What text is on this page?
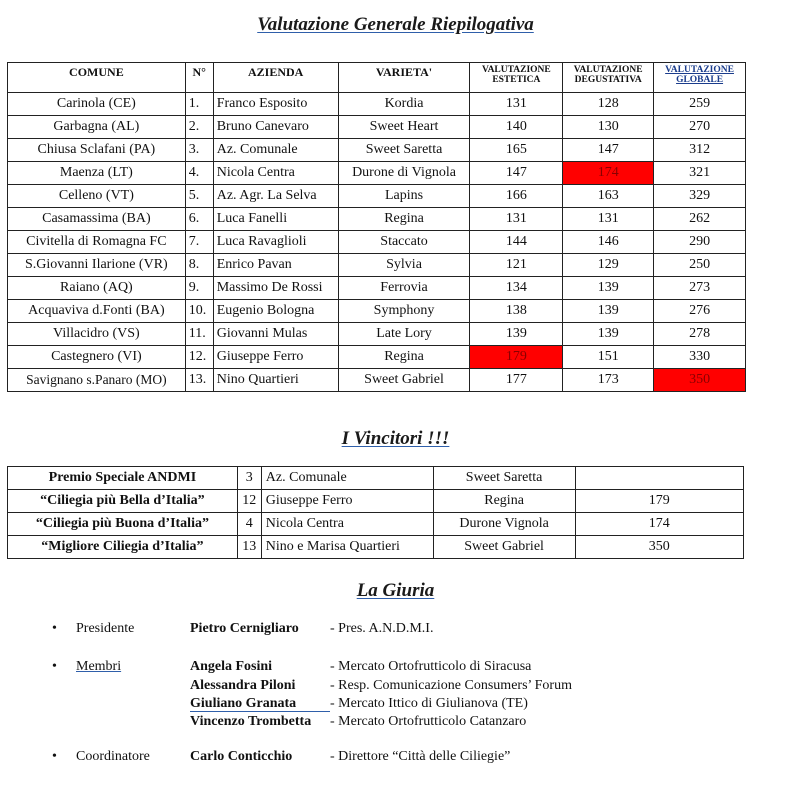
Valutazione Generale Riepilogativa
COMUNE	N°	AZIENDA	VARIETA'	VALUTAZIONE ESTETICA	VALUTAZIONE DEGUSTATIVA	VALUTAZIONE GLOBALE
Carinola (CE)	1.	Franco Esposito	Kordia	131	128	259
Garbagna (AL)	2.	Bruno Canevaro	Sweet Heart	140	130	270
Chiusa Sclafani (PA)	3.	Az. Comunale	Sweet Saretta	165	147	312
Maenza (LT)	4.	Nicola Centra	Durone di Vignola	147	174	321
Celleno (VT)	5.	Az. Agr. La Selva	Lapins	166	163	329
Casamassima (BA)	6.	Luca Fanelli	Regina	131	131	262
Civitella di Romagna FC	7.	Luca Ravaglioli	Staccato	144	146	290
S.Giovanni Ilarione (VR)	8.	Enrico Pavan	Sylvia	121	129	250
Raiano (AQ)	9.	Massimo De Rossi	Ferrovia	134	139	273
Acquaviva d.Fonti (BA)	10.	Eugenio Bologna	Symphony	138	139	276
Villacidro (VS)	11.	Giovanni Mulas	Late Lory	139	139	278
Castegnero (VI)	12.	Giuseppe Ferro	Regina	179	151	330
Savignano s.Panaro (MO)	13.	Nino Quartieri	Sweet Gabriel	177	173	350
I Vincitori !!!
Premio Speciale ANDMI	3	Az. Comunale	Sweet Saretta	
“Ciliegia più Bella d’Italia”	12	Giuseppe Ferro	Regina	179
“Ciliegia più Buona d’Italia”	4	Nicola Centra	Durone Vignola	174
“Migliore Ciliegia d’Italia”	13	Nino e Marisa Quartieri	Sweet Gabriel	350
La Giuria
• Presidente	Pietro Cernigliaro - Pres. A.N.D.M.I.
• Membri	Angela Fosini	- Mercato Ortofrutticolo di Siracusa
Alessandra Piloni - Resp. Comunicazione Consumers’ Forum
Giuliano Granata - Mercato Ittico di Giulianova (TE)
Vincenzo Trombetta - Mercato Ortofrutticolo Catanzaro
• Coordinatore	Carlo Conticchio	- Direttore “Città delle Ciliegie”
